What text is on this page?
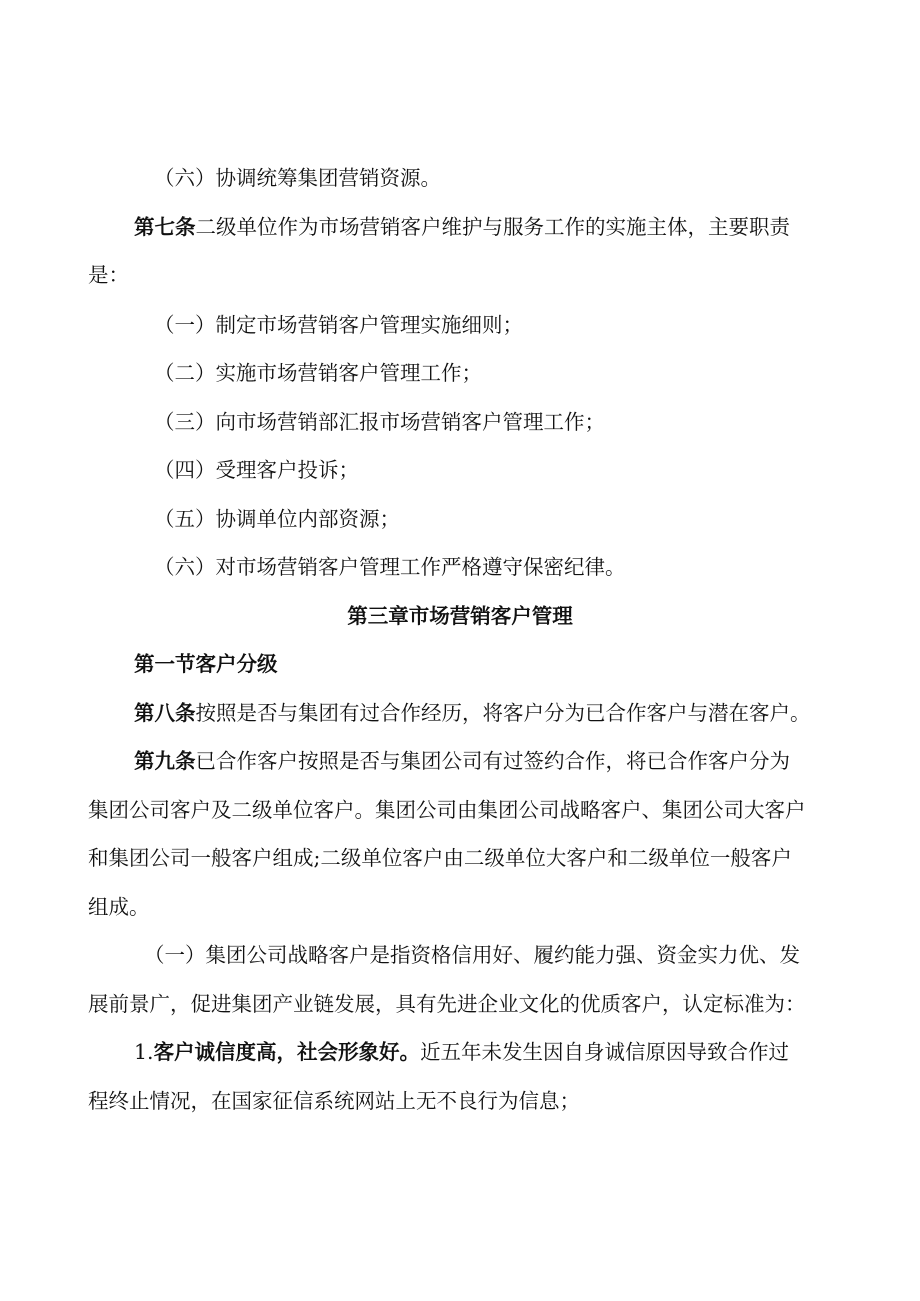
（六）协调统筹集团营销资源。
第七条二级单位作为市场营销客户维护与服务工作的实施主体，主要职责
是：
（一）制定市场营销客户管理实施细则；
（二）实施市场营销客户管理工作；
（三）向市场营销部汇报市场营销客户管理工作；
（四）受理客户投诉；
（五）协调单位内部资源；
（六）对市场营销客户管理工作严格遵守保密纪律。
第三章市场营销客户管理
第一节客户分级
第八条按照是否与集团有过合作经历，将客户分为已合作客户与潜在客户。
第九条已合作客户按照是否与集团公司有过签约合作，将已合作客户分为
集团公司客户及二级单位客户。集团公司由集团公司战略客户、集团公司大客户
和集团公司一般客户组成;二级单位客户由二级单位大客户和二级单位一般客户
组成。
（一）集团公司战略客户是指资格信用好、履约能力强、资金实力优、发
展前景广，促进集团产业链发展，具有先进企业文化的优质客户，认定标准为：
1.客户诚信度高，社会形象好。近五年未发生因自身诚信原因导致合作过
程终止情况，在国家征信系统网站上无不良行为信息；
